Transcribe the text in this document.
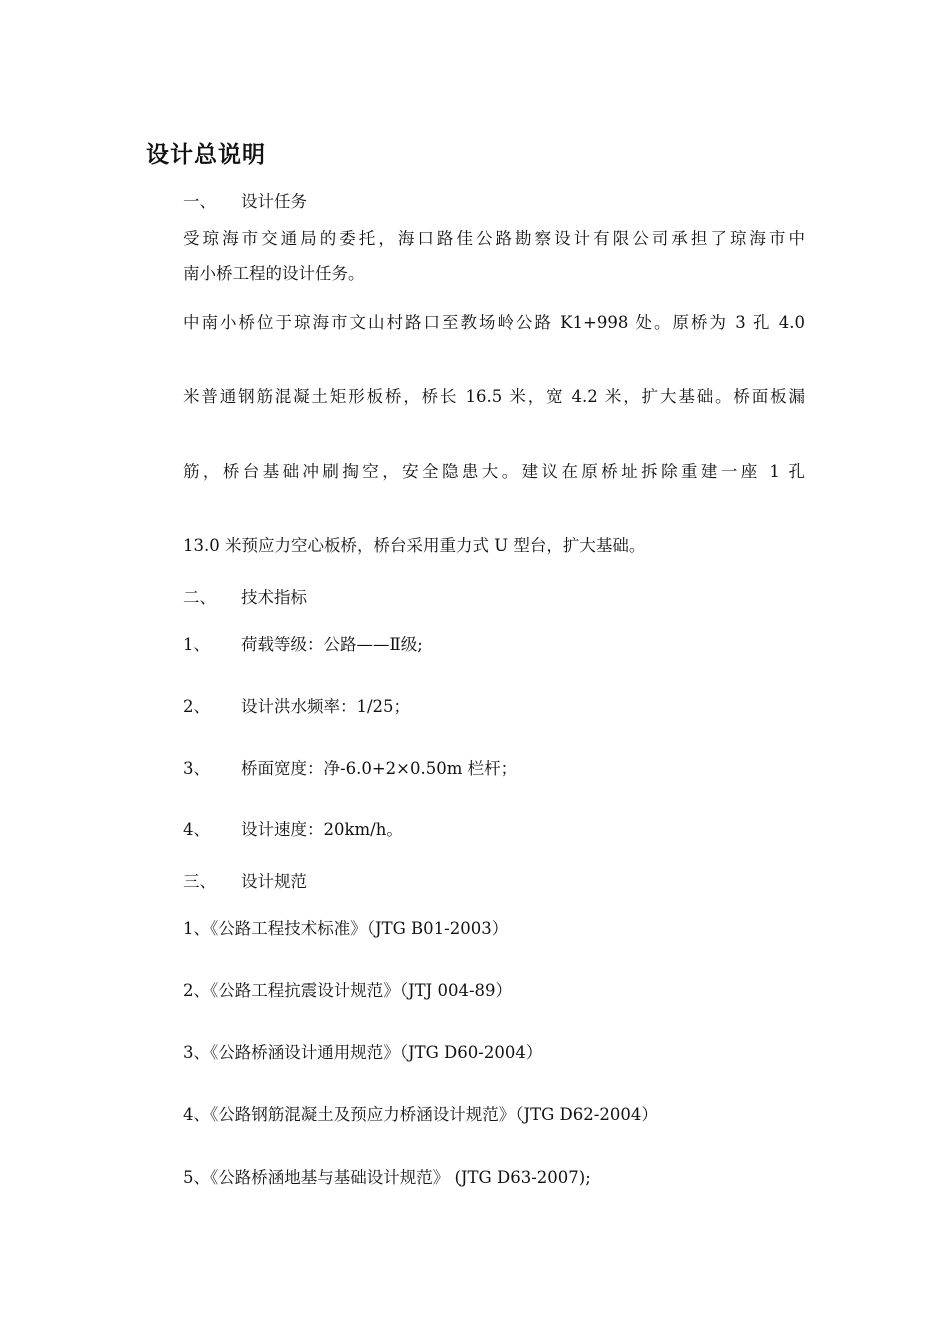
设计总说明

一、 设计任务

受琼海市交通局的委托，海口路佳公路勘察设计有限公司承担了琼海市中

南小桥工程的设计任务。

中南小桥位于琼海市文山村路口至教场岭公路 K1+998 处。原桥为 3 孔 4.0

米普通钢筋混凝土矩形板桥，桥长 16.5 米，宽 4.2 米，扩大基础。桥面板漏

筋，桥台基础冲刷掏空，安全隐患大。建议在原桥址拆除重建一座 1 孔

13.0 米预应力空心板桥，桥台采用重力式 U 型台，扩大基础。

二、 技术指标

1、 荷载等级：公路——Ⅱ级;

2、 设计洪水频率：1/25；

3、 桥面宽度：净-6.0+2×0.50m 栏杆；

4、 设计速度：20km/h。

三、 设计规范

1、《公路工程技术标准》（JTG B01-2003）

2、《公路工程抗震设计规范》（JTJ 004-89）

3、《公路桥涵设计通用规范》（JTG D60-2004）

4、《公路钢筋混凝土及预应力桥涵设计规范》（JTG D62-2004）

5、《公路桥涵地基与基础设计规范》 (JTG D63-2007);
